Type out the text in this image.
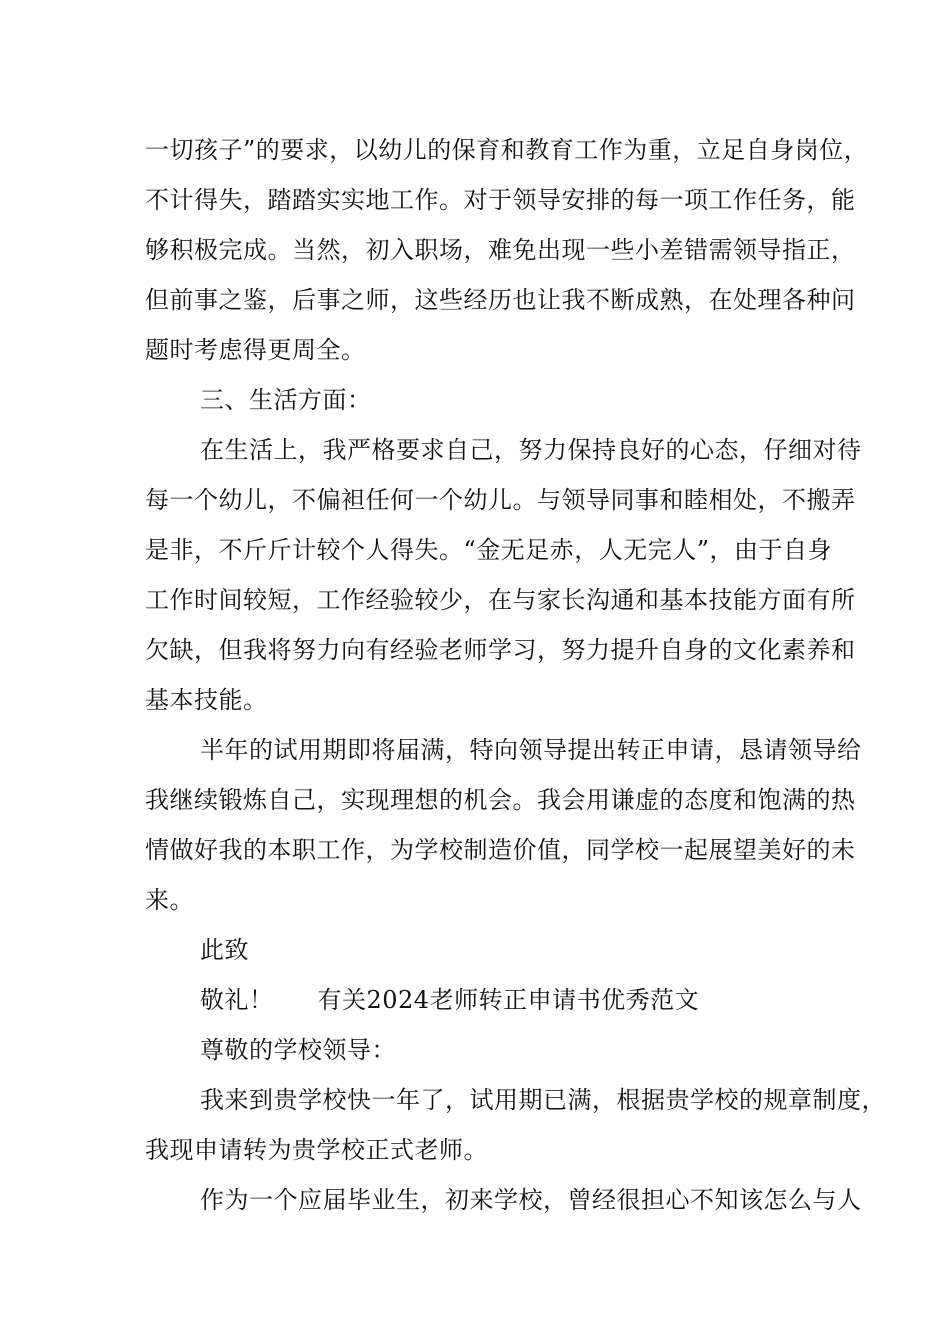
一切孩子”的要求，以幼儿的保育和教育工作为重，立足自身岗位，
不计得失，踏踏实实地工作。对于领导安排的每一项工作任务，能
够积极完成。当然，初入职场，难免出现一些小差错需领导指正，
但前事之鉴，后事之师，这些经历也让我不断成熟，在处理各种问
题时考虑得更周全。
三、生活方面：
在生活上，我严格要求自己，努力保持良好的心态，仔细对待
每一个幼儿，不偏袒任何一个幼儿。与领导同事和睦相处，不搬弄
是非，不斤斤计较个人得失。“金无足赤，人无完人”，由于自身
工作时间较短，工作经验较少，在与家长沟通和基本技能方面有所
欠缺，但我将努力向有经验老师学习，努力提升自身的文化素养和
基本技能。
半年的试用期即将届满，特向领导提出转正申请，恳请领导给
我继续锻炼自己，实现理想的机会。我会用谦虚的态度和饱满的热
情做好我的本职工作，为学校制造价值，同学校一起展望美好的未
来。
此致
敬礼！ 有关2024老师转正申请书优秀范文
尊敬的学校领导：
我来到贵学校快一年了，试用期已满，根据贵学校的规章制度，
我现申请转为贵学校正式老师。
作为一个应届毕业生，初来学校，曾经很担心不知该怎么与人
